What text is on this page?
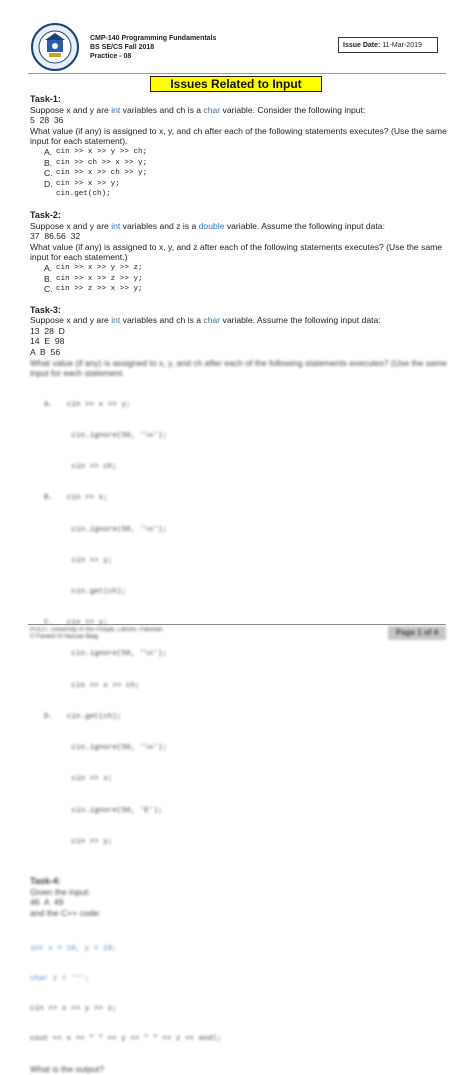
CMP-140 Programming Fundamentals
BS SE/CS Fall 2018
Practice - 08
Issue Date: 11-Mar-2019
Issues Related to Input

Task-1:

Suppose x and y are int variables and ch is a char variable. Consider the following input:

5  28  36

What value (if any) is assigned to x, y, and ch after each of the following statements executes? (Use the same input for each statement).

A. cin >> x >> y >> ch;
B. cin >> ch >> x >> y;
C. cin >> x >> ch >> y;
D. cin >> x >> y;
cin.get(ch);

Task-2:

Suppose x and y are int variables and z is a double variable. Assume the following input data:

37  86.56  32

What value (if any) is assigned to x, y, and z after each of the following statements executes? (Use the same input for each statement.)

A. cin >> x >> y >> z;
B. cin >> x >> z >> y;
C. cin >> z >> x >> y;

Task-3:

Suppose x and y are int variables and ch is a char variable. Assume the following input data:

13  28  D

14  E  98

A  B  56

What value (if any) is assigned to x, y, and ch after each of the following statements executes? (Use the same input for each statement.

A.   cin >> x >> y;

cin.ignore(50, '\n');

cin >> ch;

B.   cin >> x;

cin.ignore(50, '\n');

cin >> y;

cin.get(ch);

cin.ignore(50, '\n');

cin >> x >> ch;

D.   cin.get(ch);

cin.ignore(50, '\n');

cin >> x;

cin.ignore(50, 'E');

cin >> y;

Task-4:

Given the input:

46  A  49

and the C++ code:

int x = 10, y = 18;

char z = '*';

cin >> x >> y >> z;

cout << x << " " << y << " " << z << endl;

What is the output?

PUCIT, University of the Punjab, Lahore, Pakistan.
© Fareed Ul Hassan Baig	Page 1 of 4
